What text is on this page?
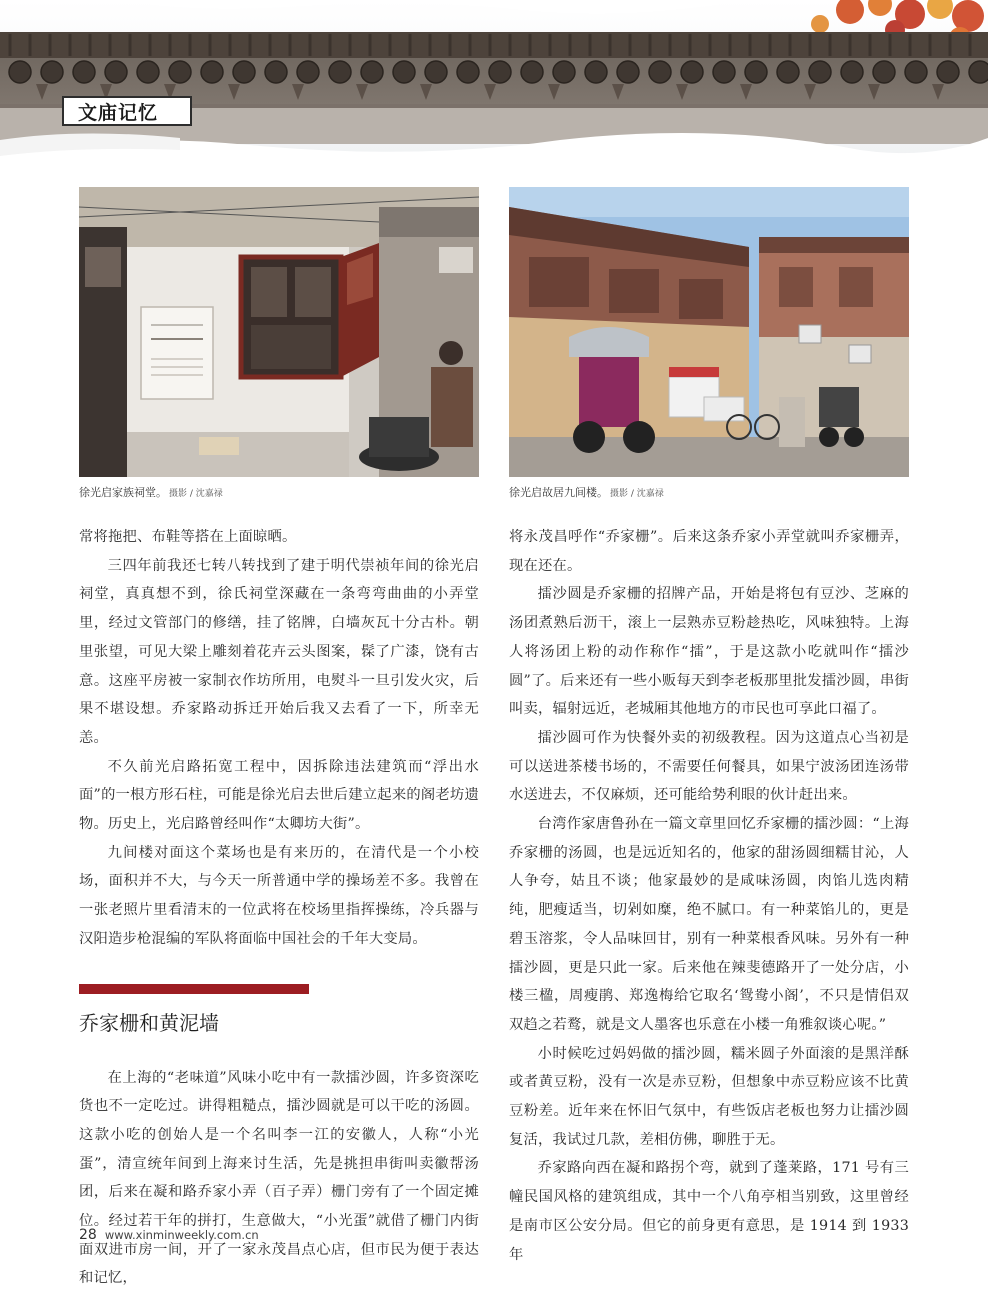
文庙记忆
徐光启家族祠堂。 摄影 / 沈嘉禄	徐光启故居九间楼。 摄影 / 沈嘉禄

常将拖把、布鞋等搭在上面晾晒。

三四年前我还七转八转找到了建于明代崇祯年间的徐光启祠堂，真真想不到，徐氏祠堂深藏在一条弯弯曲曲的小弄堂里，经过文管部门的修缮，挂了铭牌，白墙灰瓦十分古朴。朝里张望，可见大梁上雕刻着花卉云头图案，髹了广漆，饶有古意。这座平房被一家制衣作坊所用，电熨斗一旦引发火灾，后果不堪设想。乔家路动拆迁开始后我又去看了一下，所幸无恙。

不久前光启路拓宽工程中，因拆除违法建筑而“浮出水面”的一根方形石柱，可能是徐光启去世后建立起来的阁老坊遗物。历史上，光启路曾经叫作“太卿坊大街”。

九间楼对面这个菜场也是有来历的，在清代是一个小校场，面积并不大，与今天一所普通中学的操场差不多。我曾在一张老照片里看清末的一位武将在校场里指挥操练，冷兵器与汉阳造步枪混编的军队将面临中国社会的千年大变局。

乔家栅和黄泥墙

在上海的“老味道”风味小吃中有一款擂沙圆，许多资深吃货也不一定吃过。讲得粗糙点，擂沙圆就是可以干吃的汤圆。这款小吃的创始人是一个名叫李一江的安徽人，人称“小光蛋”，清宣统年间到上海来讨生活，先是挑担串街叫卖徽帮汤团，后来在凝和路乔家小弄（百子弄）栅门旁有了一个固定摊位。经过若干年的拼打，生意做大，“小光蛋”就借了栅门内街面双进市房一间，开了一家永茂昌点心店，但市民为便于表达和记忆，

将永茂昌呼作“乔家栅”。后来这条乔家小弄堂就叫乔家栅弄，现在还在。

擂沙圆是乔家栅的招牌产品，开始是将包有豆沙、芝麻的汤团煮熟后沥干，滚上一层熟赤豆粉趁热吃，风味独特。上海人将汤团上粉的动作称作“擂”，于是这款小吃就叫作“擂沙圆”了。后来还有一些小贩每天到李老板那里批发擂沙圆，串街叫卖，辐射远近，老城厢其他地方的市民也可享此口福了。

擂沙圆可作为快餐外卖的初级教程。因为这道点心当初是可以送进茶楼书场的，不需要任何餐具，如果宁波汤团连汤带水送进去，不仅麻烦，还可能给势利眼的伙计赶出来。

台湾作家唐鲁孙在一篇文章里回忆乔家栅的擂沙圆：“上海乔家栅的汤圆，也是远近知名的，他家的甜汤圆细糯甘沁，人人争夸，姑且不谈；他家最妙的是咸味汤圆，肉馅儿选肉精纯，肥瘦适当，切剁如糜，绝不腻口。有一种菜馅儿的，更是碧玉溶浆，令人品味回甘，别有一种菜根香风味。另外有一种擂沙圆，更是只此一家。后来他在辣斐德路开了一处分店，小楼三楹，周瘦鹃、郑逸梅给它取名‘鸳鸯小阁’，不只是情侣双双趋之若鹜，就是文人墨客也乐意在小楼一角雅叙谈心呢。”

小时候吃过妈妈做的擂沙圆，糯米圆子外面滚的是黑洋酥或者黄豆粉，没有一次是赤豆粉，但想象中赤豆粉应该不比黄豆粉差。近年来在怀旧气氛中，有些饭店老板也努力让擂沙圆复活，我试过几款，差相仿佛，聊胜于无。

乔家路向西在凝和路拐个弯，就到了蓬莱路，171 号有三幢民国风格的建筑组成，其中一个八角亭相当别致，这里曾经是南市区公安分局。但它的前身更有意思，是 1914 到 1933 年

28 www.xinminweekly.com.cn
